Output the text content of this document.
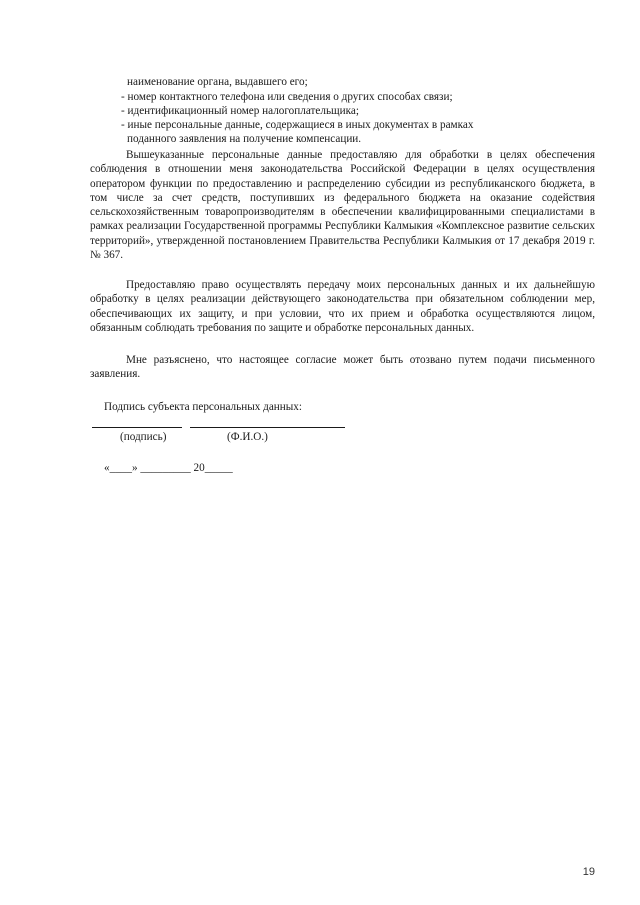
наименование органа, выдавшего его;
- номер контактного телефона или сведения о других способах связи;
- идентификационный номер налогоплательщика;
- иные персональные данные, содержащиеся в иных документах в рамках
поданного заявления на получение компенсации.
Вышеуказанные персональные данные предоставляю для обработки в целях обеспечения соблюдения в отношении меня законодательства Российской Федерации в целях осуществления оператором функции по предоставлению и распределению субсидии из республиканского бюджета, в том числе за счет средств, поступивших из федерального бюджета на оказание содействия сельскохозяйственным товаропроизводителям в обеспечении квалифицированными специалистами в рамках реализации Государственной программы Республики Калмыкия «Комплексное развитие сельских территорий», утвержденной постановлением Правительства Республики Калмыкия от 17 декабря 2019 г. № 367.
Предоставляю право осуществлять передачу моих персональных данных и их дальнейшую обработку в целях реализации действующего законодательства при обязательном соблюдении мер, обеспечивающих их защиту, и при условии, что их прием и обработка осуществляются лицом, обязанным соблюдать требования по защите и обработке персональных данных.
Мне разъяснено, что настоящее согласие может быть отозвано путем подачи письменного заявления.
Подпись субъекта персональных данных:
(подпись)	(Ф.И.О.)
«____» _________ 20_____
19
